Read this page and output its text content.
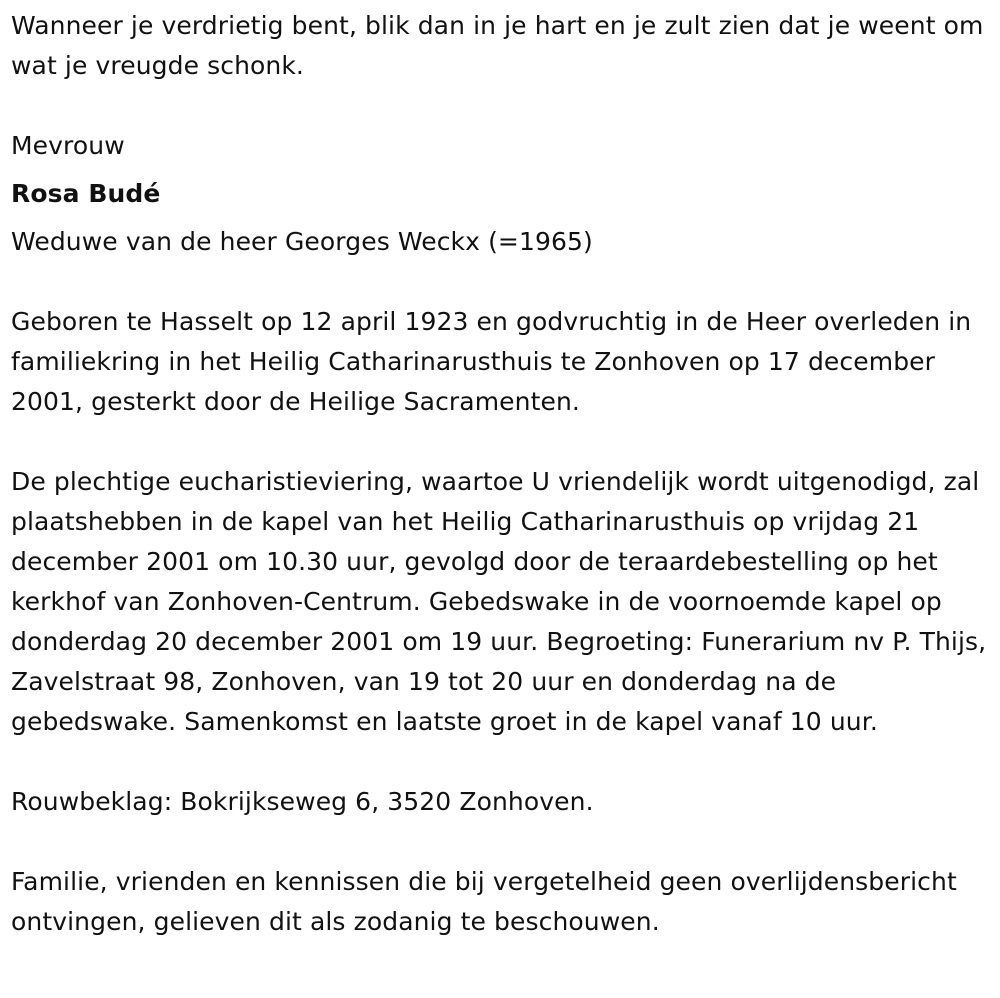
Wanneer je verdrietig bent, blik dan in je hart en je zult zien dat je weent om wat je vreugde schonk.

Mevrouw

Rosa Budé

Weduwe van de heer Georges Weckx (=1965)

Geboren te Hasselt op 12 april 1923 en godvruchtig in de Heer overleden in familiekring in het Heilig Catharinarusthuis te Zonhoven op 17 december 2001, gesterkt door de Heilige Sacramenten.

De plechtige eucharistieviering, waartoe U vriendelijk wordt uitgenodigd, zal plaatshebben in de kapel van het Heilig Catharinarusthuis op vrijdag 21 december 2001 om 10.30 uur, gevolgd door de teraardebestelling op het kerkhof van Zonhoven-Centrum. Gebedswake in de voornoemde kapel op donderdag 20 december 2001 om 19 uur. Begroeting: Funerarium nv P. Thijs, Zavelstraat 98, Zonhoven, van 19 tot 20 uur en donderdag na de gebedswake. Samenkomst en laatste groet in de kapel vanaf 10 uur.

Rouwbeklag: Bokrijkseweg 6, 3520 Zonhoven.

Familie, vrienden en kennissen die bij vergetelheid geen overlijdensbericht ontvingen, gelieven dit als zodanig te beschouwen.
